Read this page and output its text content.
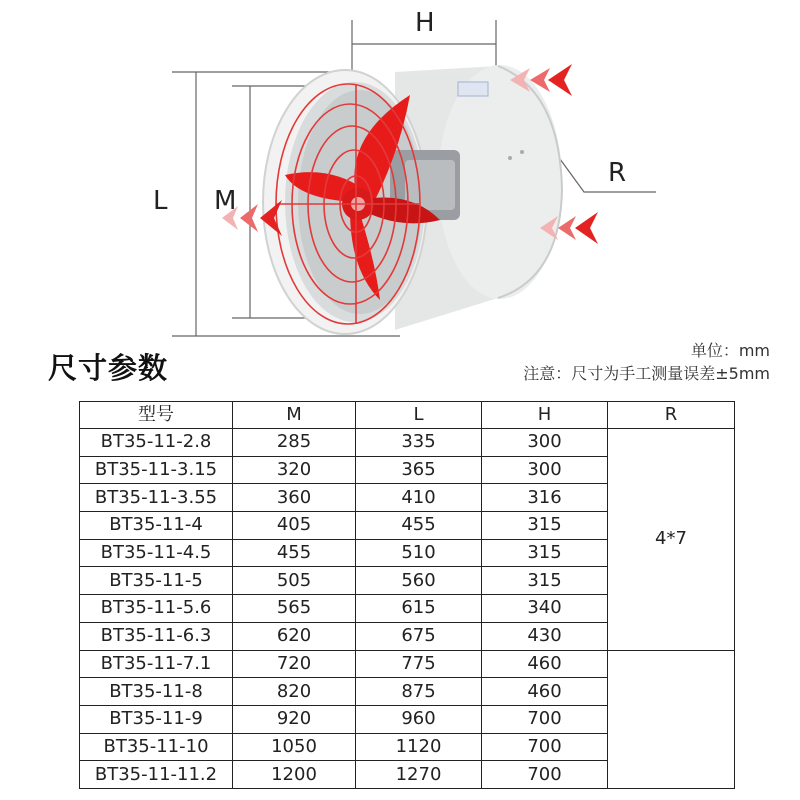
H
L M
R
尺寸参数
单位：mm
注意：尺寸为手工测量误差±5mm
型号	M	L	H	R
BT35-11-2.8	285	335	300	4*7
BT35-11-3.15	320	365	300	
BT35-11-3.55	360	410	316	
BT35-11-4	405	455	315	
BT35-11-4.5	455	510	315	
BT35-11-5	505	560	315	
BT35-11-5.6	565	615	340	
BT35-11-6.3	620	675	430	
BT35-11-7.1	720	775	460	
BT35-11-8	820	875	460	
BT35-11-9	920	960	700	
BT35-11-10	1050	1120	700	
BT35-11-11.2	1200	1270	700	
